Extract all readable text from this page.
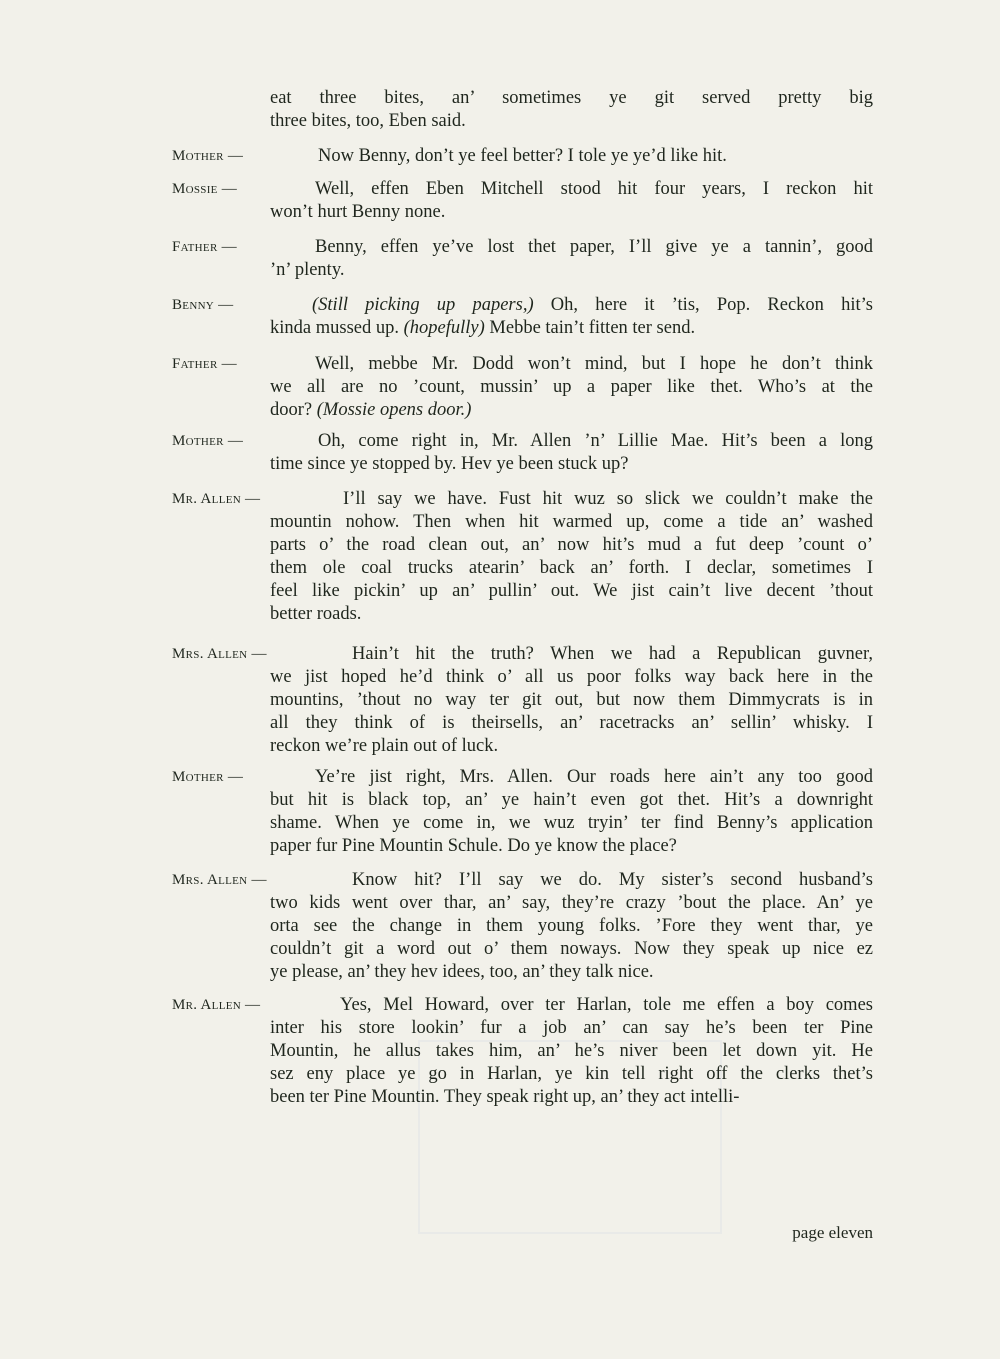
eat three bites, an’ sometimes ye git served pretty big
three bites, too, Eben said.
Mother —	Now Benny, don’t ye feel better? I tole ye ye’d like hit.
Mossie —	Well, effen Eben Mitchell stood hit four years, I reckon hit
won’t hurt Benny none.
Father —	Benny, effen ye’ve lost thet paper, I’ll give ye a tannin’, good
’n’ plenty.
Benny —	(Still picking up papers,) Oh, here it ’tis, Pop. Reckon hit’s
kinda mussed up. (hopefully) Mebbe tain’t fitten ter send.
Father —	Well, mebbe Mr. Dodd won’t mind, but I hope he don’t think
we all are no ’count, mussin’ up a paper like thet. Who’s at the
door? (Mossie opens door.)
Mother —	Oh, come right in, Mr. Allen ’n’ Lillie Mae. Hit’s been a long
time since ye stopped by. Hev ye been stuck up?
Mr. Allen —	I’ll say we have. Fust hit wuz so slick we couldn’t make the
mountin nohow. Then when hit warmed up, come a tide an’ washed
parts o’ the road clean out, an’ now hit’s mud a fut deep ’count o’
them ole coal trucks atearin’ back an’ forth. I declar, sometimes I
feel like pickin’ up an’ pullin’ out. We jist cain’t live decent ’thout
better roads.
Mrs. Allen —	Hain’t hit the truth? When we had a Republican guvner,
we jist hoped he’d think o’ all us poor folks way back here in the
mountins, ’thout no way ter git out, but now them Dimmycrats is in
all they think of is theirsells, an’ racetracks an’ sellin’ whisky. I
reckon we’re plain out of luck.
Mother —	Ye’re jist right, Mrs. Allen. Our roads here ain’t any too good
but hit is black top, an’ ye hain’t even got thet. Hit’s a downright
shame. When ye come in, we wuz tryin’ ter find Benny’s application
paper fur Pine Mountin Schule. Do ye know the place?
Mrs. Allen —	Know hit? I’ll say we do. My sister’s second husband’s
two kids went over thar, an’ say, they’re crazy ’bout the place. An’ ye
orta see the change in them young folks. ’Fore they went thar, ye
couldn’t git a word out o’ them noways. Now they speak up nice ez
ye please, an’ they hev idees, too, an’ they talk nice.
Mr. Allen —	Yes, Mel Howard, over ter Harlan, tole me effen a boy comes
inter his store lookin’ fur a job an’ can say he’s been ter Pine
Mountin, he allus takes him, an’ he’s niver been let down yit. He
sez eny place ye go in Harlan, ye kin tell right off the clerks thet’s
been ter Pine Mountin. They speak right up, an’ they act intelli-
page eleven
